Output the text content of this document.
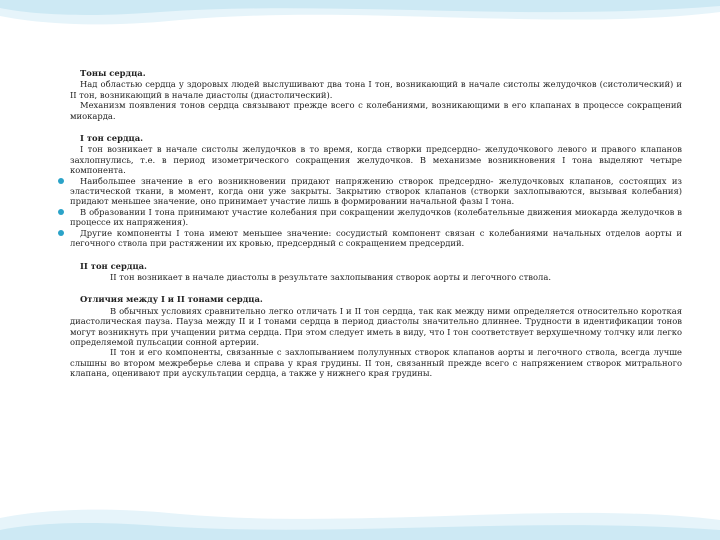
Тоны сердца.

Над областью сердца у здоровых людей выслушивают два тона I тон, возникающий в начале систолы желудочков (систолический) и II тон, возникающий в начале диастолы (диастолический).

Механизм появления тонов сердца связывают прежде всего с колебаниями, возникающими в его клапанах в процессе сокращений миокарда.

I тон сердца.

I тон возникает в начале систолы желудочков в то время, когда створки предсердно- желудочкового левого и правого клапанов захлопнулись, т.е. в период изометрического сокращения желудочков. В механизме возникновения I тона выделяют четыре компонента.

Наибольшее значение в его возникновении придают напряжению створок предсердно- желудочковых клапанов, состоящих из эластической ткани, в момент, когда они уже закрыты. Закрытию створок клапанов (створки захлопываются, вызывая колебания) придают меньшее значение, оно принимает участие лишь в формировании начальной фазы I тона.

В образовании I тона принимают участие колебания при сокращении желудочков (колебательные движения миокарда желудочков в процессе их напряжения).

Другие компоненты I тона имеют меньшее значение: сосудистый компонент связан с колебаниями начальных отделов аорты и легочного ствола при растяжении их кровью, предсердный с сокращением предсердий.

II тон сердца.

II тон возникает в начале диастолы в результате захлопывания створок аорты и легочного ствола.

Отличия между I и II тонами сердца.

В обычных условиях сравнительно легко отличать I и II тон сердца, так как между ними определяется относительно короткая диастолическая пауза. Пауза между II и I тонами сердца в период диастолы значительно длиннее. Трудности в идентификации тонов могут возникнуть при учащении ритма сердца. При этом следует иметь в виду, что I тон соответствует верхушечному толчку или легко определяемой пульсации сонной артерии.

II тон и его компоненты, связанные с захлопыванием полулунных створок клапанов аорты и легочного ствола, всегда лучше слышны во втором межреберье слева и справа у края грудины. II тон, связанный прежде всего с напряжением створок митрального клапана, оценивают при аускультации сердца, а также у нижнего края грудины.
